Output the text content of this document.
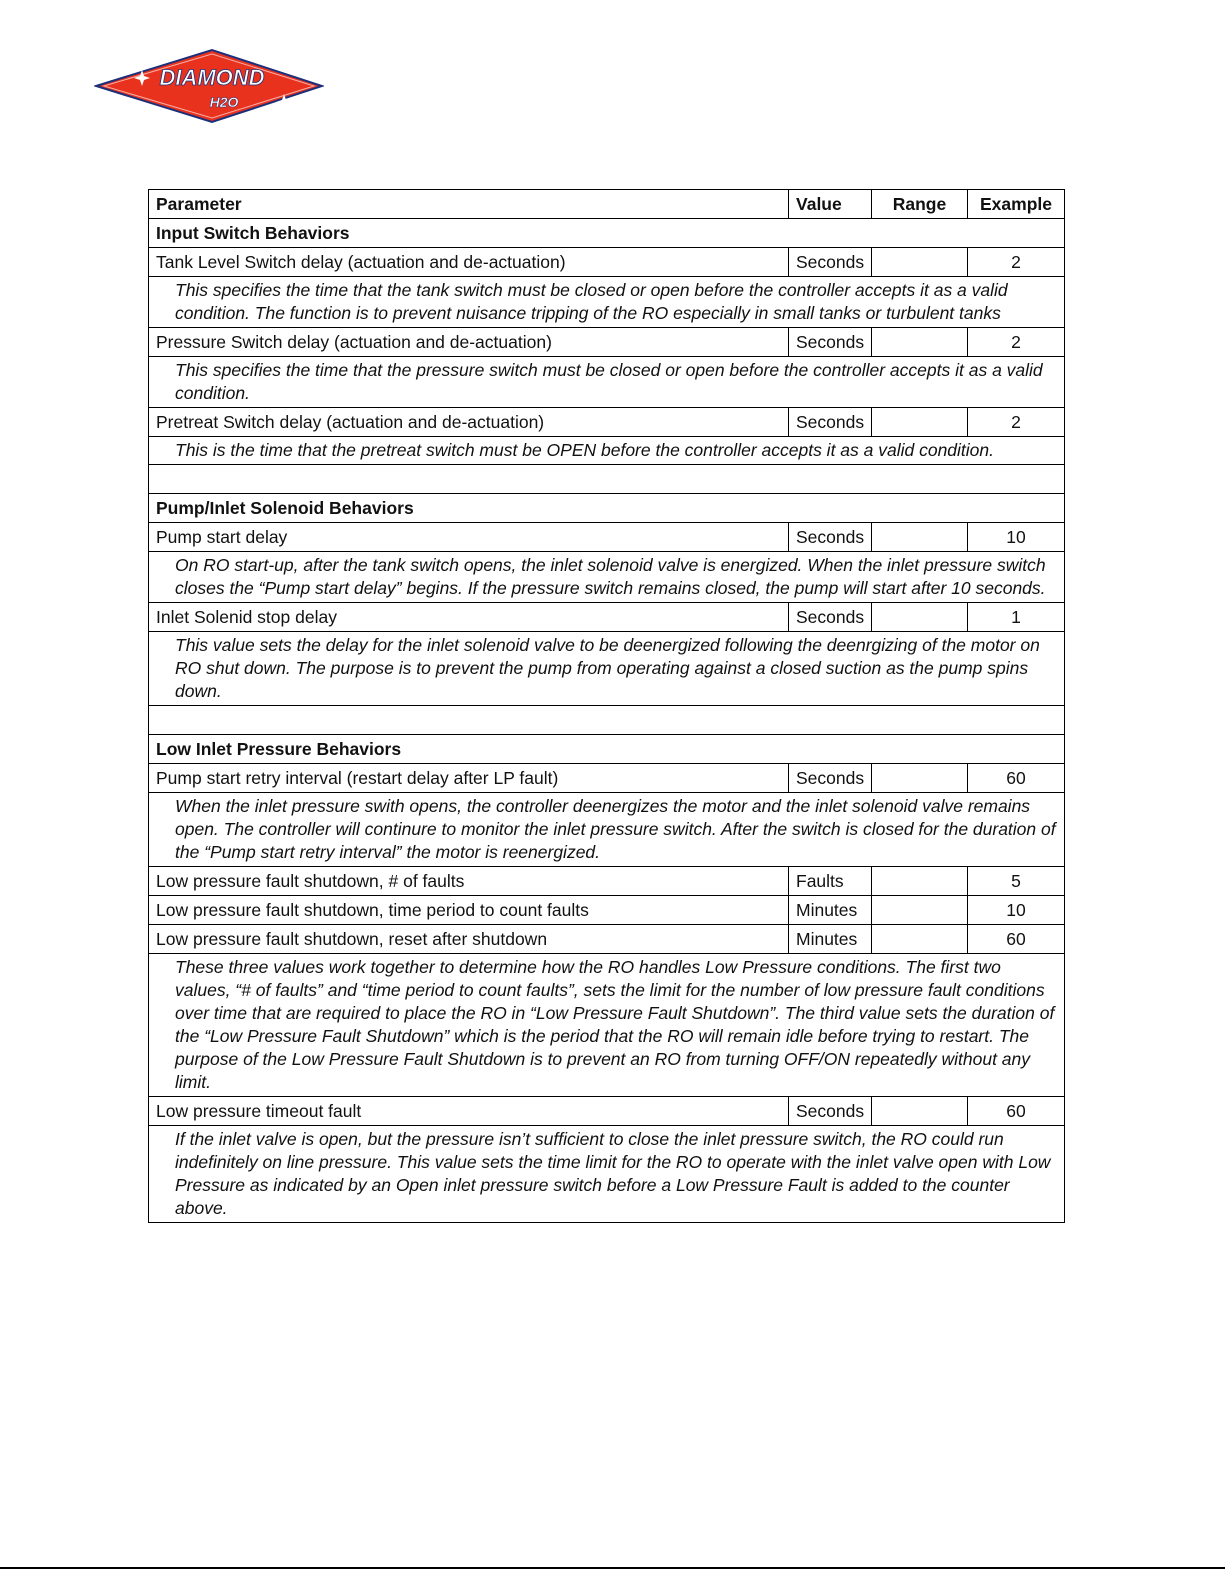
DIAMOND
H2O
Parameter	Value	Range	Example
Input Switch Behaviors			
Tank Level Switch delay (actuation and de-actuation)	Seconds		2
This specifies the time that the tank switch must be closed or open before the controller accepts it as a valid condition. The function is to prevent nuisance tripping of the RO especially in small tanks or turbulent tanks			
Pressure Switch delay (actuation and de-actuation)	Seconds		2
This specifies the time that the pressure switch must be closed or open before the controller accepts it as a valid condition.			
Pretreat Switch delay (actuation and de-actuation)	Seconds		2
This is the time that the pretreat switch must be OPEN before the controller accepts it as a valid condition.			

Pump/Inlet Solenoid Behaviors			
Pump start delay	Seconds		10
On RO start-up, after the tank switch opens, the inlet solenoid valve is energized. When the inlet pressure switch closes the “Pump start delay” begins. If the pressure switch remains closed, the pump will start after 10 seconds.			
Inlet Solenid stop delay	Seconds		1
This value sets the delay for the inlet solenoid valve to be deenergized following the deenrgizing of the motor on RO shut down. The purpose is to prevent the pump from operating against a closed suction as the pump spins down.			

Low Inlet Pressure Behaviors			
Pump start retry interval (restart delay after LP fault)	Seconds		60
When the inlet pressure swith opens, the controller deenergizes the motor and the inlet solenoid valve remains open. The controller will continure to monitor the inlet pressure switch. After the switch is closed for the duration of the “Pump start retry interval” the motor is reenergized.			
Low pressure fault shutdown, # of faults	Faults		5
Low pressure fault shutdown, time period to count faults	Minutes		10
Low pressure fault shutdown, reset after shutdown	Minutes		60
These three values work together to determine how the RO handles Low Pressure conditions. The first two values, “# of faults” and “time period to count faults”, sets the limit for the number of low pressure fault conditions over time that are required to place the RO in “Low Pressure Fault Shutdown”. The third value sets the duration of the “Low Pressure Fault Shutdown” which is the period that the RO will remain idle before trying to restart. The purpose of the Low Pressure Fault Shutdown is to prevent an RO from turning OFF/ON repeatedly without any limit.			
Low pressure timeout fault	Seconds		60
If the inlet valve is open, but the pressure isn’t sufficient to close the inlet pressure switch, the RO could run indefinitely on line pressure. This value sets the time limit for the RO to operate with the inlet valve open with Low Pressure as indicated by an Open inlet pressure switch before a Low Pressure Fault is added to the counter above.			
